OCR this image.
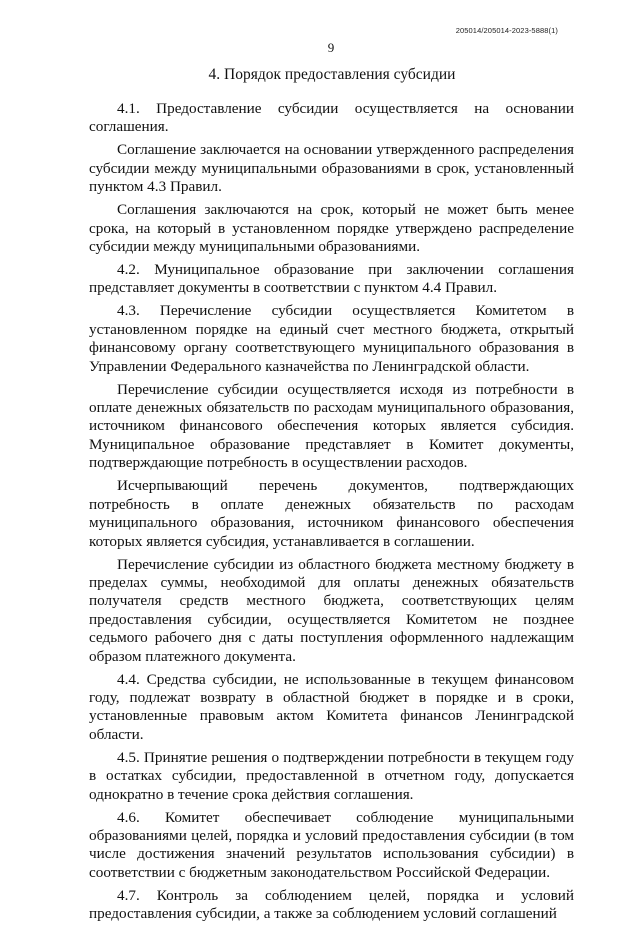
205014/205014-2023-5888(1)
9
4. Порядок предоставления субсидии

4.1. Предоставление субсидии осуществляется на основании соглашения.

Соглашение заключается на основании утвержденного распределения субсидии между муниципальными образованиями в срок, установленный пунктом 4.3 Правил.

Соглашения заключаются на срок, который не может быть менее срока, на который в установленном порядке утверждено распределение субсидии между муниципальными образованиями.

4.2. Муниципальное образование при заключении соглашения представляет документы в соответствии с пунктом 4.4 Правил.

4.3. Перечисление субсидии осуществляется Комитетом в установленном порядке на единый счет местного бюджета, открытый финансовому органу соответствующего муниципального образования в Управлении Федерального казначейства по Ленинградской области.

Перечисление субсидии осуществляется исходя из потребности в оплате денежных обязательств по расходам муниципального образования, источником финансового обеспечения которых является субсидия. Муниципальное образование представляет в Комитет документы, подтверждающие потребность в осуществлении расходов.

Исчерпывающий перечень документов, подтверждающих потребность в оплате денежных обязательств по расходам муниципального образования, источником финансового обеспечения которых является субсидия, устанавливается в соглашении.

Перечисление субсидии из областного бюджета местному бюджету в пределах суммы, необходимой для оплаты денежных обязательств получателя средств местного бюджета, соответствующих целям предоставления субсидии, осуществляется Комитетом не позднее седьмого рабочего дня с даты поступления оформленного надлежащим образом платежного документа.

4.4. Средства субсидии, не использованные в текущем финансовом году, подлежат возврату в областной бюджет в порядке и в сроки, установленные правовым актом Комитета финансов Ленинградской области.

4.5. Принятие решения о подтверждении потребности в текущем году в остатках субсидии, предоставленной в отчетном году, допускается однократно в течение срока действия соглашения.

4.6. Комитет обеспечивает соблюдение муниципальными образованиями целей, порядка и условий предоставления субсидии (в том числе достижения значений результатов использования субсидии) в соответствии с бюджетным законодательством Российской Федерации.

4.7. Контроль за соблюдением целей, порядка и условий предоставления субсидии, а также за соблюдением условий соглашений
